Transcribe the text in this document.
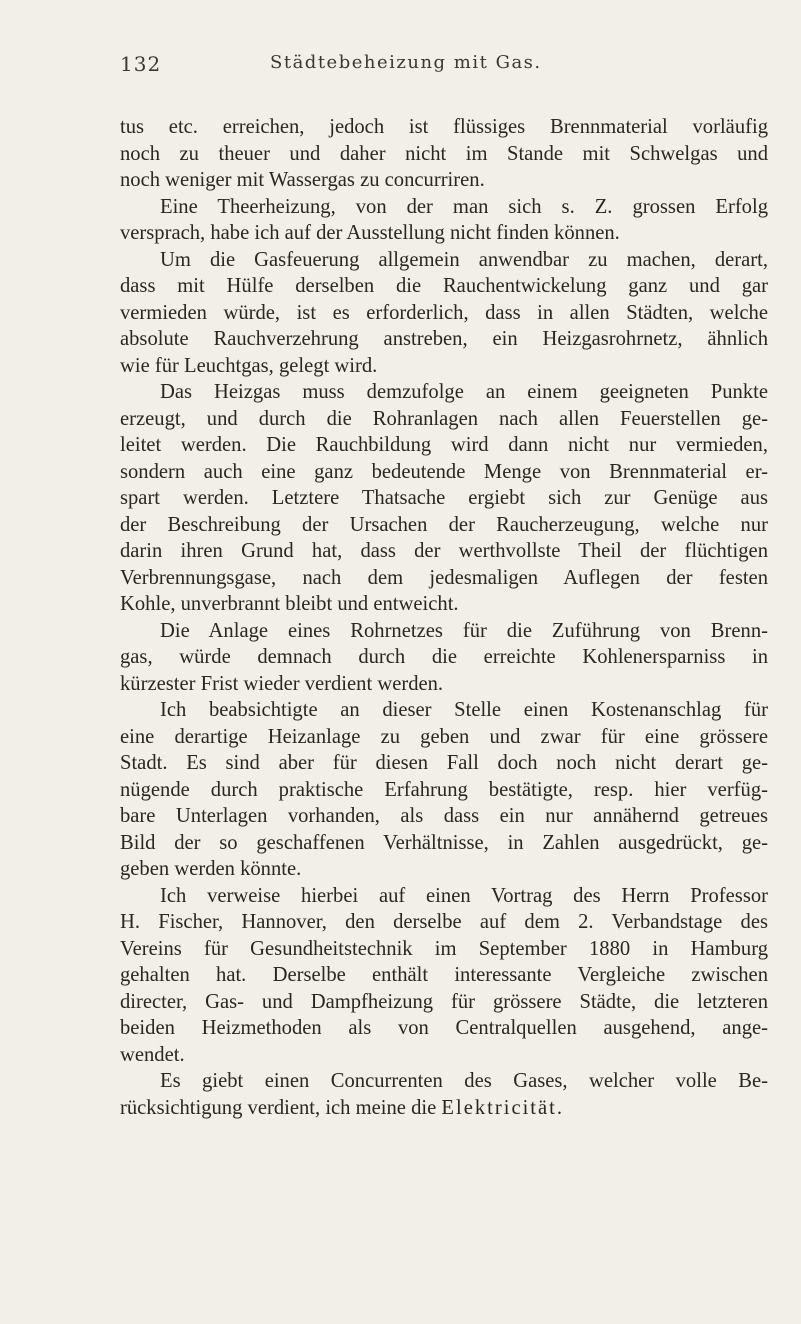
132	Städtebeheizung mit Gas.
tus etc. erreichen, jedoch ist flüssiges Brennmaterial vorläufig
noch zu theuer und daher nicht im Stande mit Schwelgas und
noch weniger mit Wassergas zu concurriren.
Eine Theerheizung, von der man sich s. Z. grossen Erfolg
versprach, habe ich auf der Ausstellung nicht finden können.
Um die Gasfeuerung allgemein anwendbar zu machen, derart,
dass mit Hülfe derselben die Rauchentwickelung ganz und gar
vermieden würde, ist es erforderlich, dass in allen Städten, welche
absolute Rauchverzehrung anstreben, ein Heizgasrohrnetz, ähnlich
wie für Leuchtgas, gelegt wird.
Das Heizgas muss demzufolge an einem geeigneten Punkte
erzeugt, und durch die Rohranlagen nach allen Feuerstellen ge-
leitet werden. Die Rauchbildung wird dann nicht nur vermieden,
sondern auch eine ganz bedeutende Menge von Brennmaterial er-
spart werden. Letztere Thatsache ergiebt sich zur Genüge aus
der Beschreibung der Ursachen der Raucherzeugung, welche nur
darin ihren Grund hat, dass der werthvollste Theil der flüchtigen
Verbrennungsgase, nach dem jedesmaligen Auflegen der festen
Kohle, unverbrannt bleibt und entweicht.
Die Anlage eines Rohrnetzes für die Zuführung von Brenn-
gas, würde demnach durch die erreichte Kohlenersparniss in
kürzester Frist wieder verdient werden.
Ich beabsichtigte an dieser Stelle einen Kostenanschlag für
eine derartige Heizanlage zu geben und zwar für eine grössere
Stadt. Es sind aber für diesen Fall doch noch nicht derart ge-
nügende durch praktische Erfahrung bestätigte, resp. hier verfüg-
bare Unterlagen vorhanden, als dass ein nur annähernd getreues
Bild der so geschaffenen Verhältnisse, in Zahlen ausgedrückt, ge-
geben werden könnte.
Ich verweise hierbei auf einen Vortrag des Herrn Professor
H. Fischer, Hannover, den derselbe auf dem 2. Verbandstage des
Vereins für Gesundheitstechnik im September 1880 in Hamburg
gehalten hat. Derselbe enthält interessante Vergleiche zwischen
directer, Gas- und Dampfheizung für grössere Städte, die letzteren
beiden Heizmethoden als von Centralquellen ausgehend, ange-
wendet.
Es giebt einen Concurrenten des Gases, welcher volle Be-
rücksichtigung verdient, ich meine die Elektricität.
